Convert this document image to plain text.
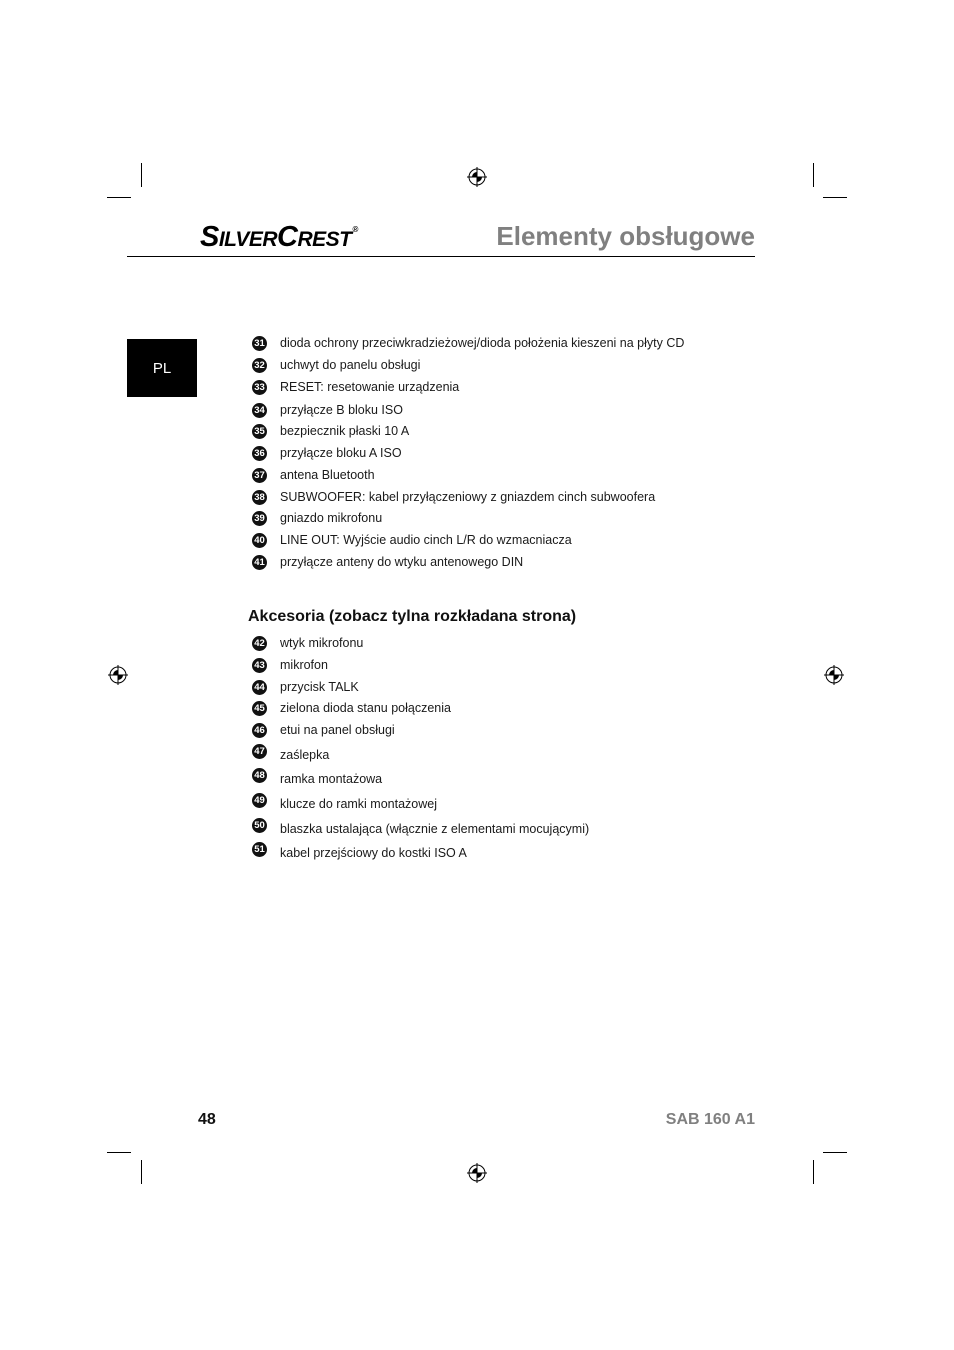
SILVERCREST®	Elementy obsługowe
PL
31 dioda ochrony przeciwkradzieżowej/dioda położenia kieszeni na płyty CD
32 uchwyt do panelu obsługi
33 RESET: resetowanie urządzenia
34 przyłącze B bloku ISO
35 bezpiecznik płaski 10 A
36 przyłącze bloku A ISO
37 antena Bluetooth
38 SUBWOOFER: kabel przyłączeniowy z gniazdem cinch subwoofera
39 gniazdo mikrofonu
40 LINE OUT: Wyjście audio cinch L/R do wzmacniacza
41 przyłącze anteny do wtyku antenowego DIN
Akcesoria (zobacz tylna rozkładana strona)
42 wtyk mikrofonu
43 mikrofon
44 przycisk TALK
45 zielona dioda stanu połączenia
46 etui na panel obsługi
47 zaślepka
48 ramka montażowa
49 klucze do ramki montażowej
50 blaszka ustalająca (włącznie z elementami mocującymi)
51 kabel przejściowy do kostki ISO A
48	SAB 160 A1
